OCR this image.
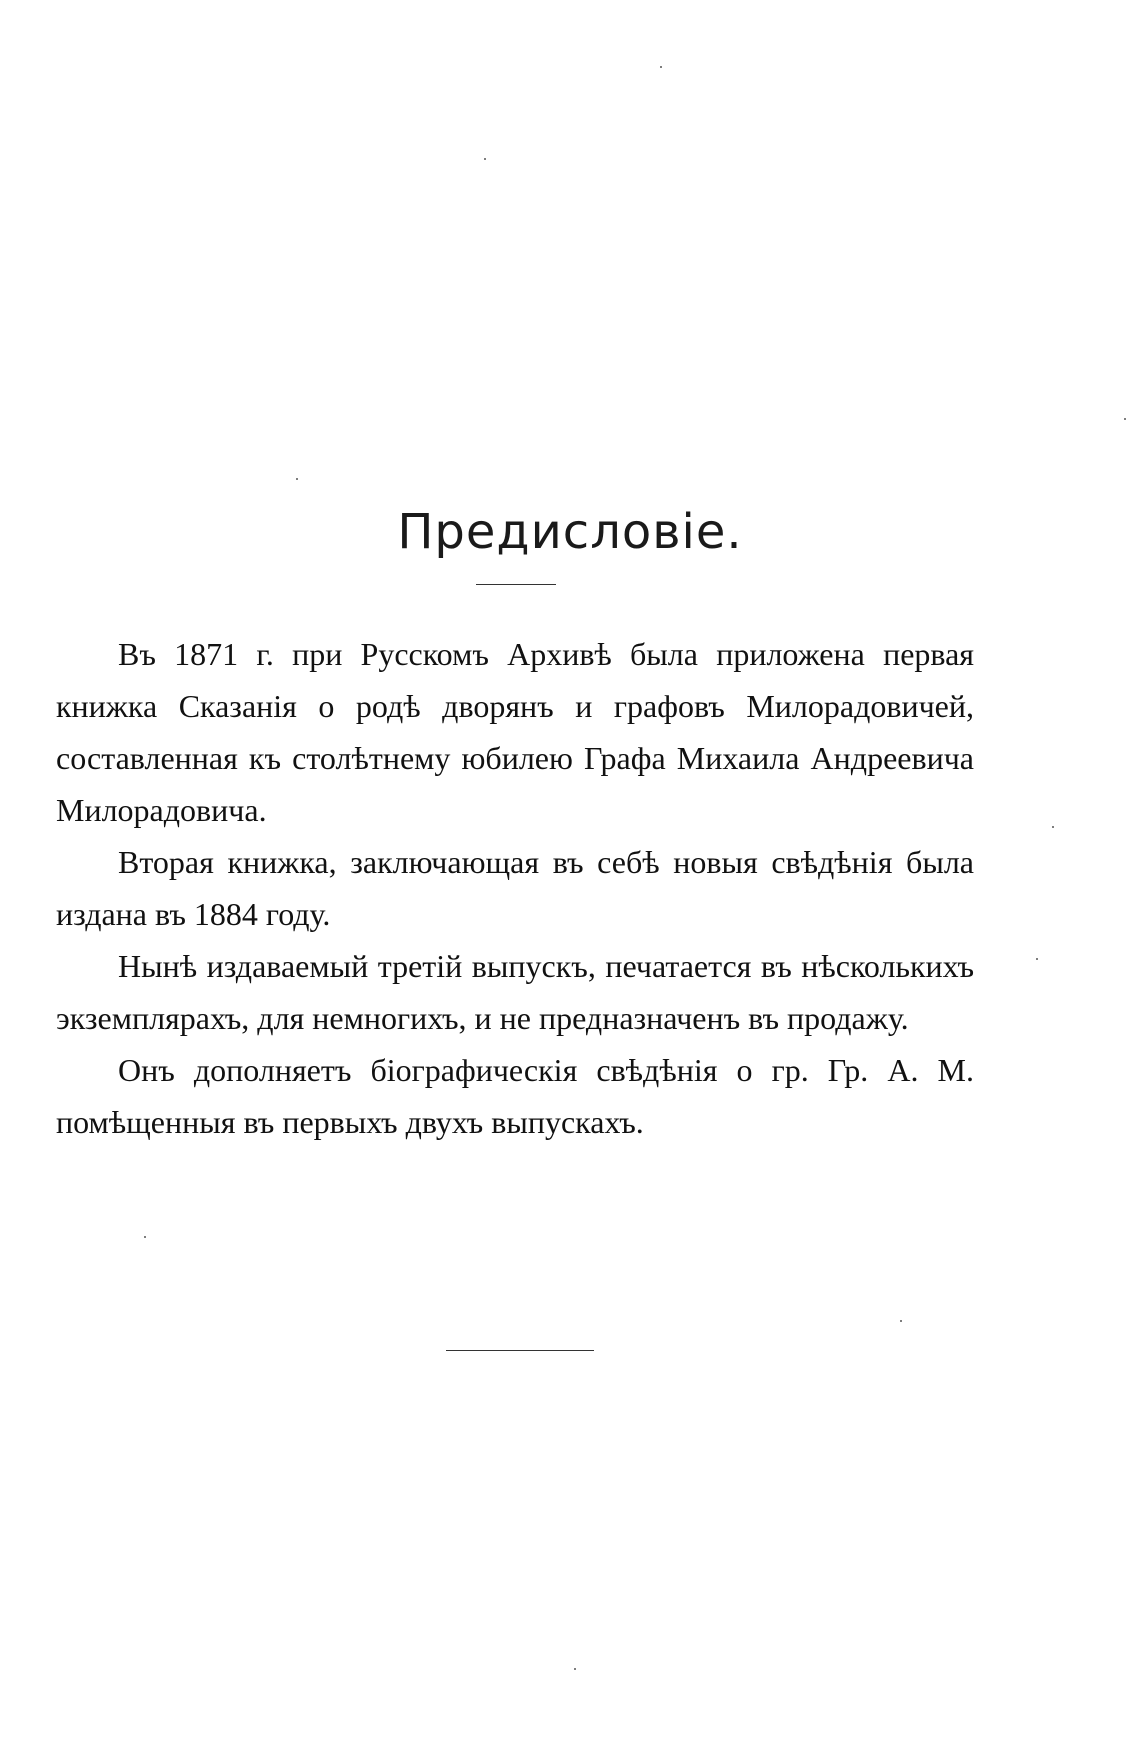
Предисловіе.

Въ 1871 г. при Русскомъ Архивѣ была приложена первая книжка Сказанія о родѣ дворянъ и графовъ Милорадовичей, составленная къ столѣтнему юбилею Графа Михаила Андреевича Милорадовича.

Вторая книжка, заключающая въ себѣ новыя свѣдѣнія была издана въ 1884 году.

Нынѣ издаваемый третій выпускъ, печатается въ нѣсколькихъ экземплярахъ, для немногихъ, и не предназначенъ въ продажу.

Онъ дополняетъ біографическія свѣдѣнія о гр. Гр. А. М. помѣщенныя въ первыхъ двухъ выпускахъ.
